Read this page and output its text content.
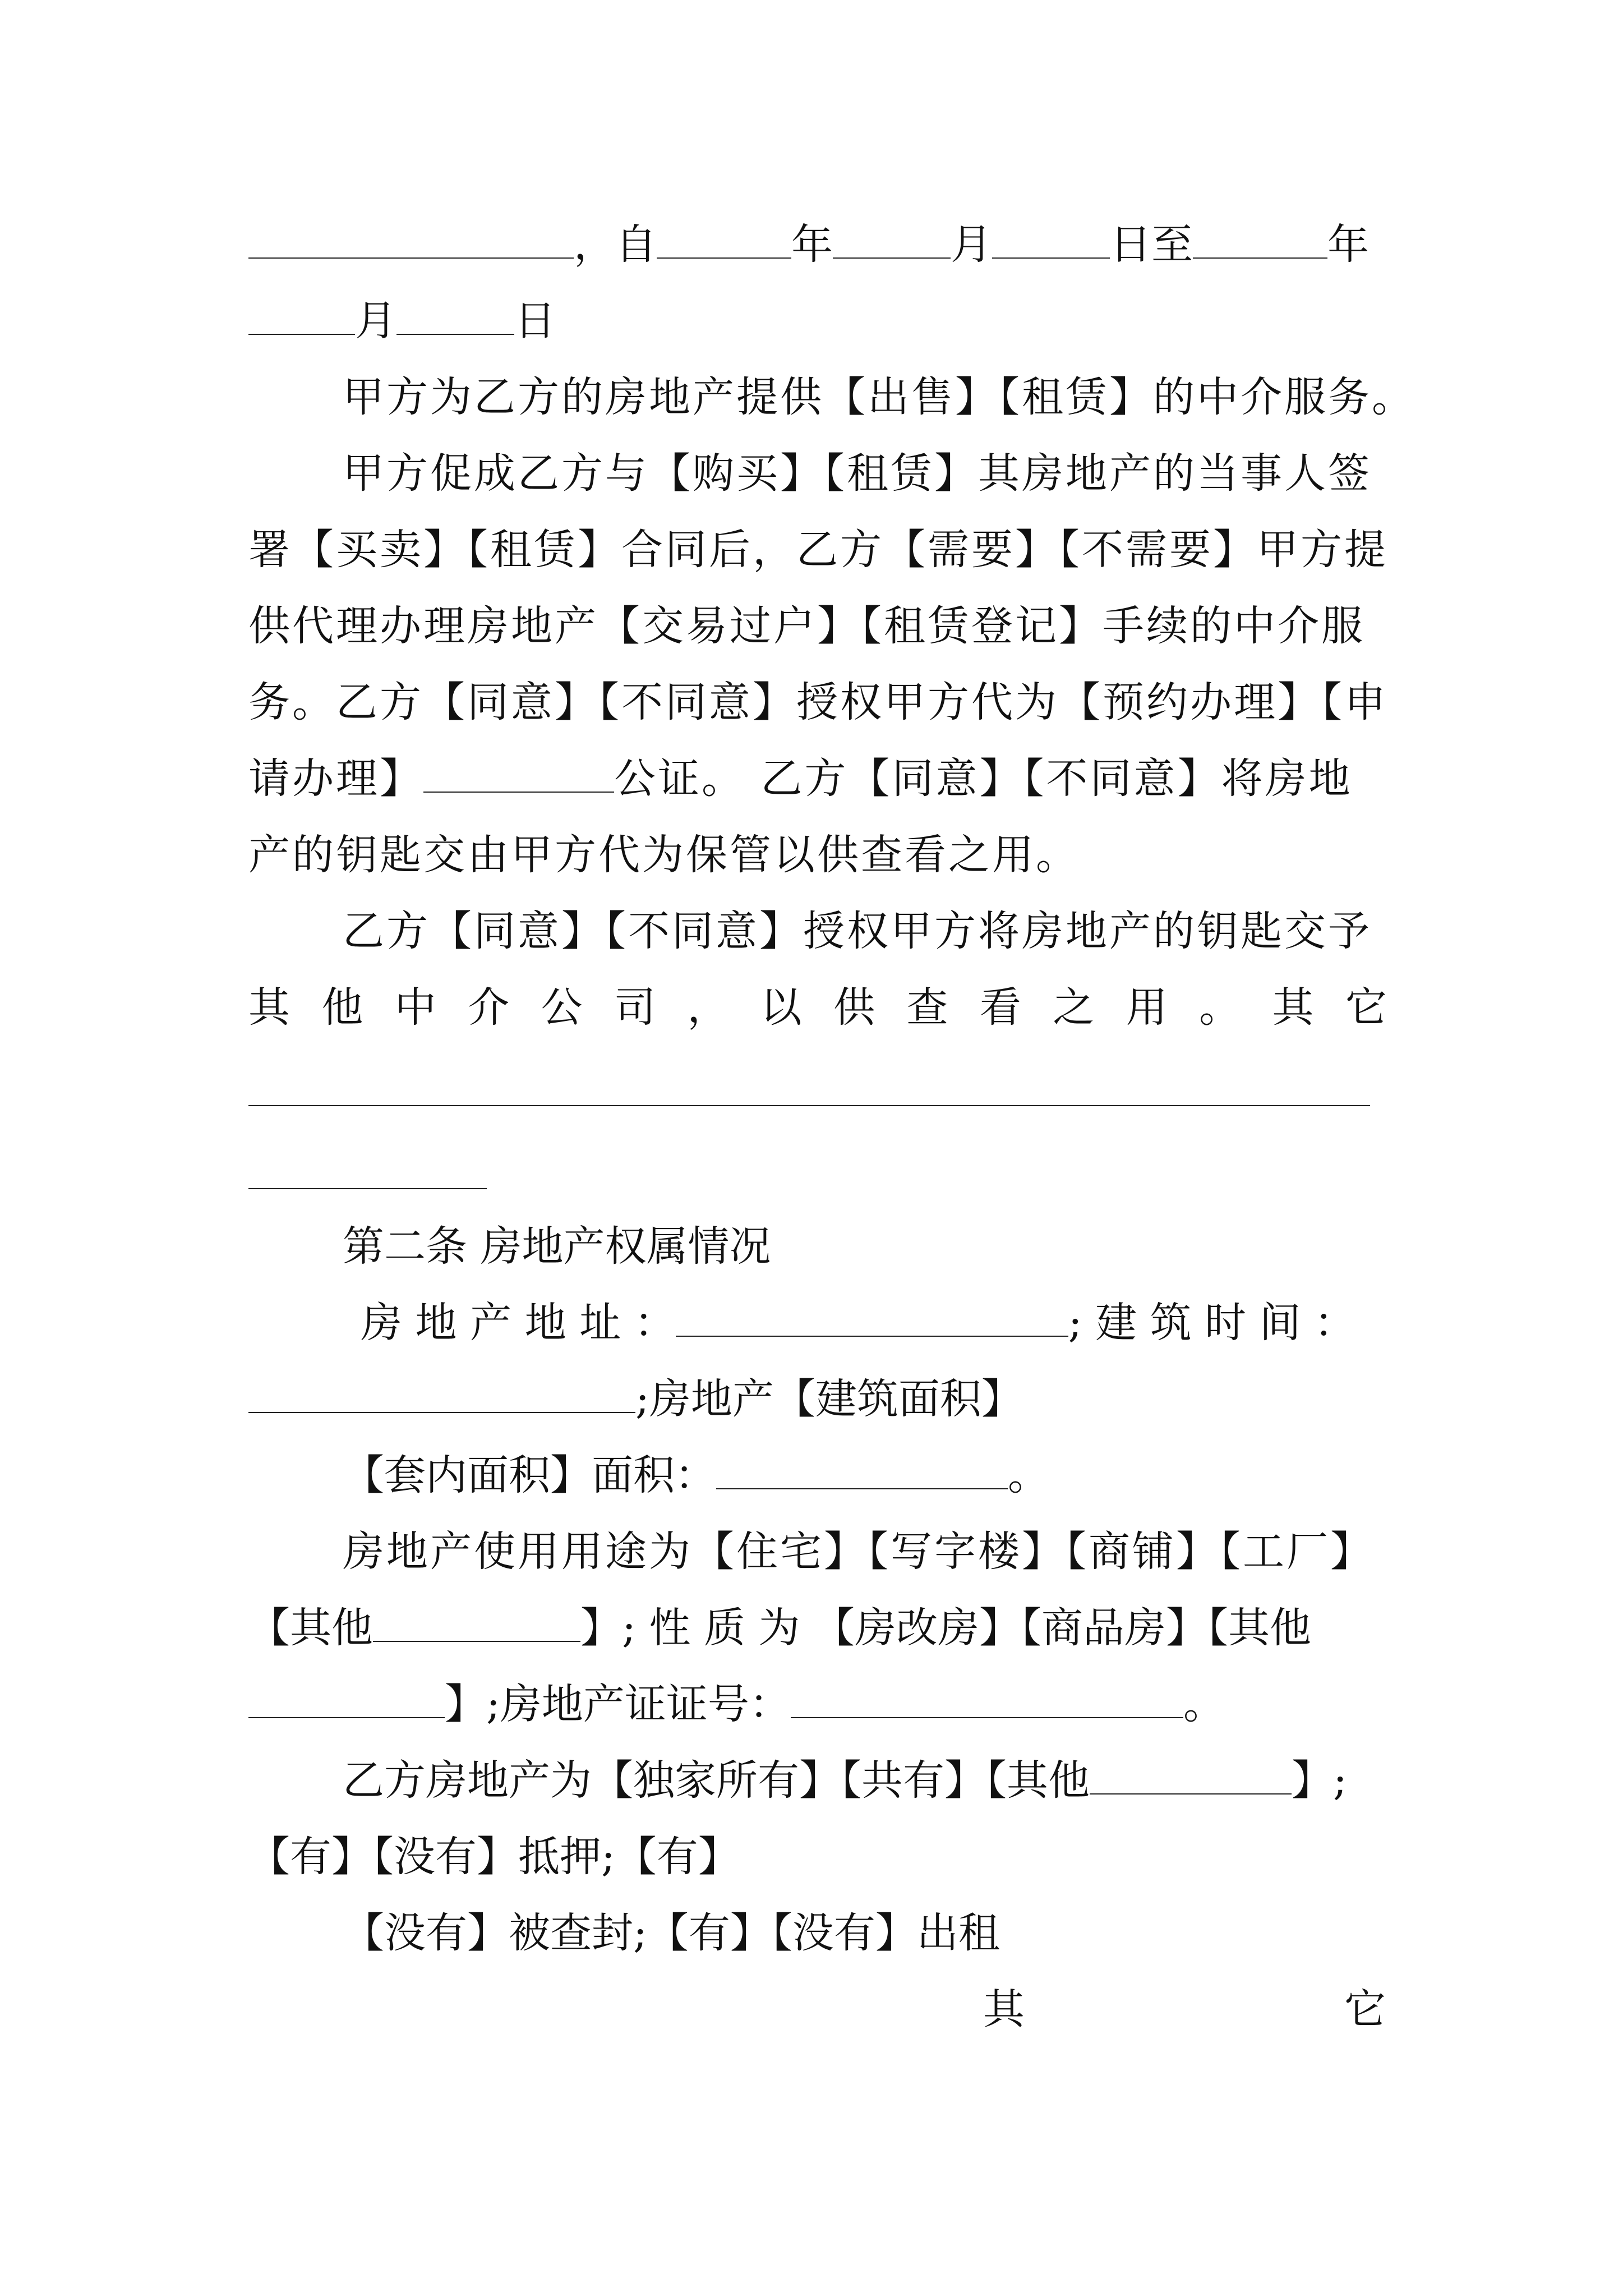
，自	年	月	日至	年
月	日
甲方为乙方的房地产提供【出售】【租赁】的中介服务。
甲方促成乙方与【购买】【租赁】其房地产的当事人签
署【买卖】【租赁】合同后，乙方【需要】【不需要】甲方提
供代理办理房地产【交易过户】【租赁登记】手续的中介服
务。乙方【同意】【不同意】授权甲方代为【预约办理】【申
请办理】	公证。 乙方【同意】【不同意】将房地
产的钥匙交由甲方代为保管以供查看之用。
乙方【同意】【不同意】授权甲方将房地产的钥匙交予
其 他 中 介 公 司 ， 以 供 查 看 之 用 。 其 它
第二条 房地产权属情况
房 地 产 地 址 ：	; 建 筑 时 间 ：
;房地产【建筑面积】
【套内面积】面积：	。
房地产使用用途为【住宅】【写字楼】【商铺】【工厂】
【其他	】; 性 质 为 【房改房】【商品房】【其他
】;房地产证证号：	。
乙方房地产为【独家所有】【共有】【其他	】;
【有】【没有】抵押;【有】
【没有】被查封;【有】【没有】出租
其	它
